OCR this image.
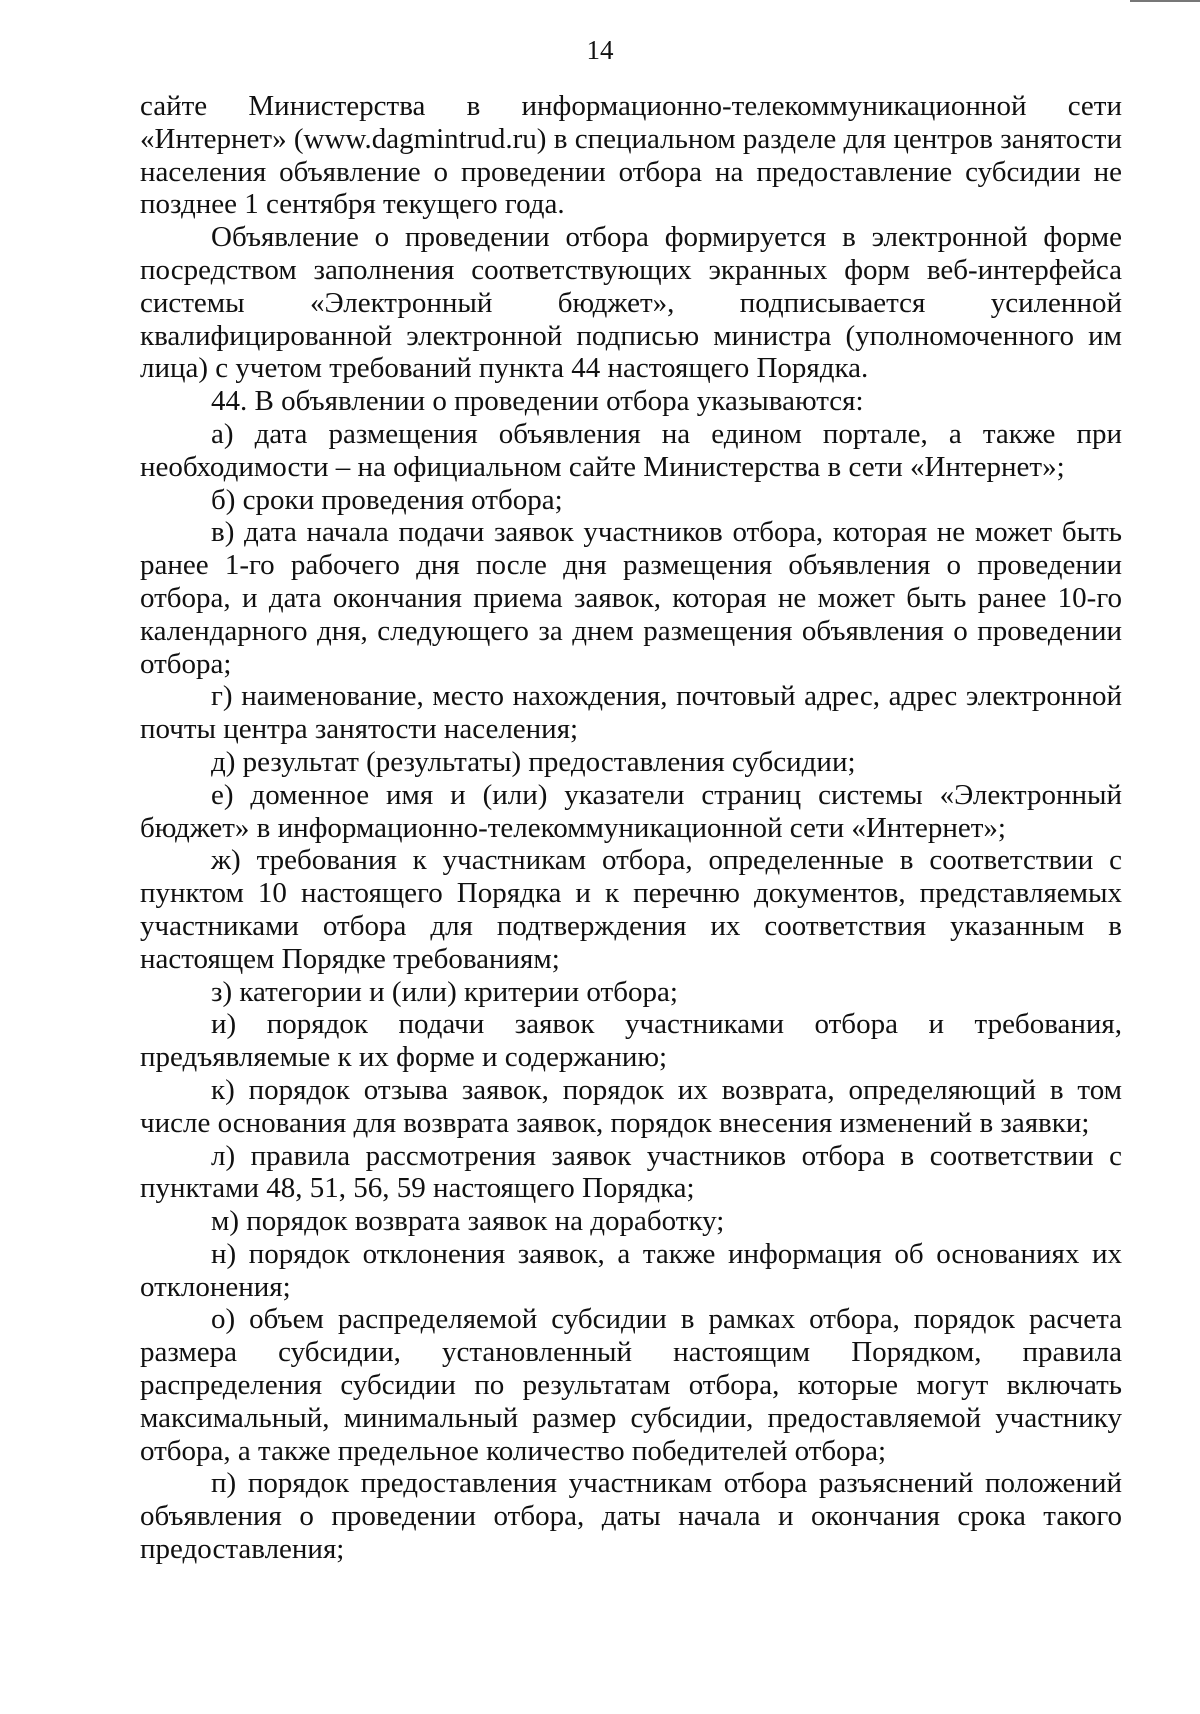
14

сайте Министерства в информационно-телекоммуникационной сети «Интернет» (www.dagmintrud.ru) в специальном разделе для центров занятости населения объявление о проведении отбора на предоставление субсидии не позднее 1 сентября текущего года.

Объявление о проведении отбора формируется в электронной форме посредством заполнения соответствующих экранных форм веб-интерфейса системы «Электронный бюджет», подписывается усиленной квалифицированной электронной подписью министра (уполномоченного им лица) с учетом требований пункта 44 настоящего Порядка.

44. В объявлении о проведении отбора указываются:

а) дата размещения объявления на едином портале, а также при необходимости – на официальном сайте Министерства в сети «Интернет»;

б) сроки проведения отбора;

в) дата начала подачи заявок участников отбора, которая не может быть ранее 1-го рабочего дня после дня размещения объявления о проведении отбора, и дата окончания приема заявок, которая не может быть ранее 10-го календарного дня, следующего за днем размещения объявления о проведении отбора;

г) наименование, место нахождения, почтовый адрес, адрес электронной почты центра занятости населения;

д) результат (результаты) предоставления субсидии;

е) доменное имя и (или) указатели страниц системы «Электронный бюджет» в информационно-телекоммуникационной сети «Интернет»;

ж) требования к участникам отбора, определенные в соответствии с пунктом 10 настоящего Порядка и к перечню документов, представляемых участниками отбора для подтверждения их соответствия указанным в настоящем Порядке требованиям;

з) категории и (или) критерии отбора;

и) порядок подачи заявок участниками отбора и требования, предъявляемые к их форме и содержанию;

к) порядок отзыва заявок, порядок их возврата, определяющий в том числе основания для возврата заявок, порядок внесения изменений в заявки;

л) правила рассмотрения заявок участников отбора в соответствии с пунктами 48, 51, 56, 59 настоящего Порядка;

м) порядок возврата заявок на доработку;

н) порядок отклонения заявок, а также информация об основаниях их отклонения;

о) объем распределяемой субсидии в рамках отбора, порядок расчета размера субсидии, установленный настоящим Порядком, правила распределения субсидии по результатам отбора, которые могут включать максимальный, минимальный размер субсидии, предоставляемой участнику отбора, а также предельное количество победителей отбора;

п) порядок предоставления участникам отбора разъяснений положений объявления о проведении отбора, даты начала и окончания срока такого предоставления;
